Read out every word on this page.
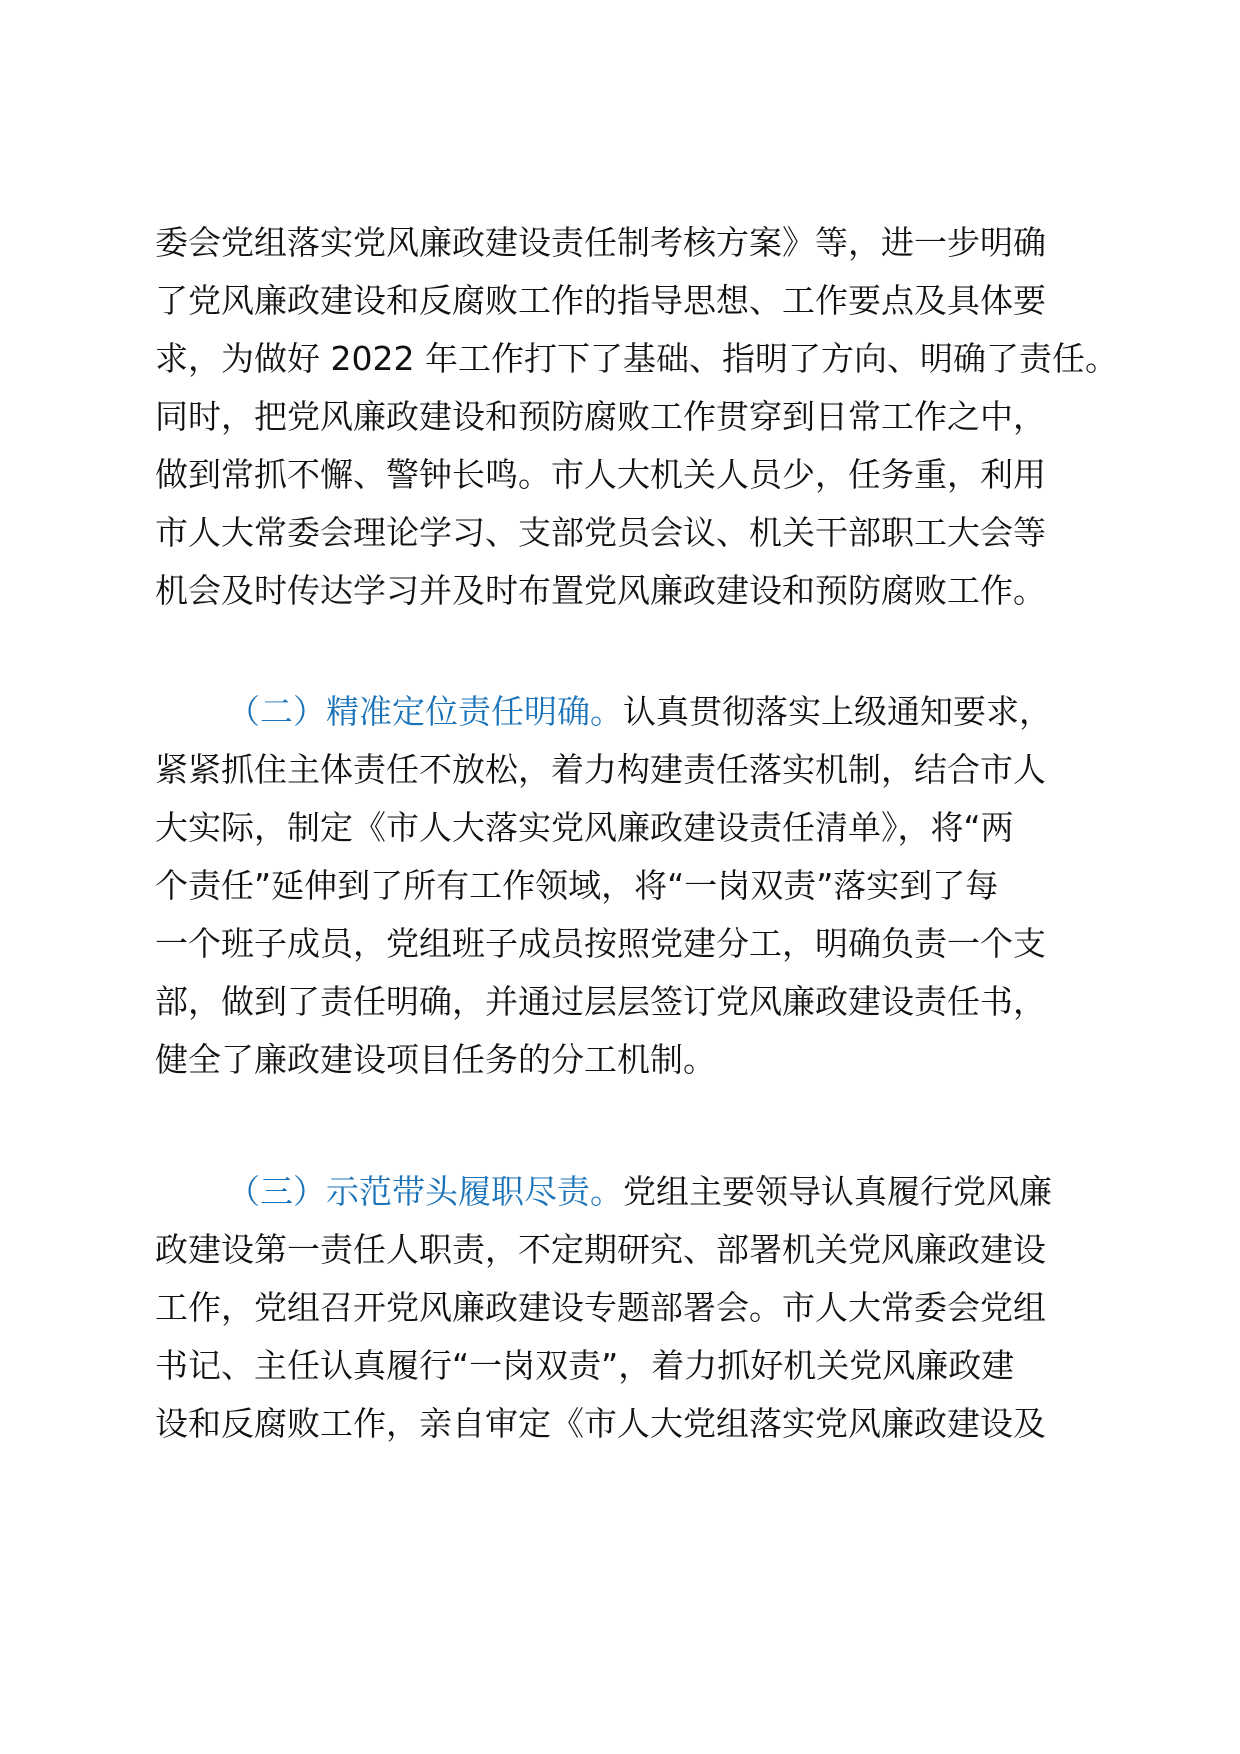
委会党组落实党风廉政建设责任制考核方案》等，进一步明确
了党风廉政建设和反腐败工作的指导思想、工作要点及具体要
求，为做好 2022 年工作打下了基础、指明了方向、明确了责任。
同时，把党风廉政建设和预防腐败工作贯穿到日常工作之中，
做到常抓不懈、警钟长鸣。市人大机关人员少，任务重，利用
市人大常委会理论学习、支部党员会议、机关干部职工大会等
机会及时传达学习并及时布置党风廉政建设和预防腐败工作。
（二）精准定位责任明确。认真贯彻落实上级通知要求，
紧紧抓住主体责任不放松，着力构建责任落实机制，结合市人
大实际，制定《市人大落实党风廉政建设责任清单》，将“两
个责任”延伸到了所有工作领域，将“一岗双责”落实到了每
一个班子成员，党组班子成员按照党建分工，明确负责一个支
部，做到了责任明确，并通过层层签订党风廉政建设责任书，
健全了廉政建设项目任务的分工机制。
（三）示范带头履职尽责。党组主要领导认真履行党风廉
政建设第一责任人职责，不定期研究、部署机关党风廉政建设
工作，党组召开党风廉政建设专题部署会。市人大常委会党组
书记、主任认真履行“一岗双责”，着力抓好机关党风廉政建
设和反腐败工作，亲自审定《市人大党组落实党风廉政建设及
